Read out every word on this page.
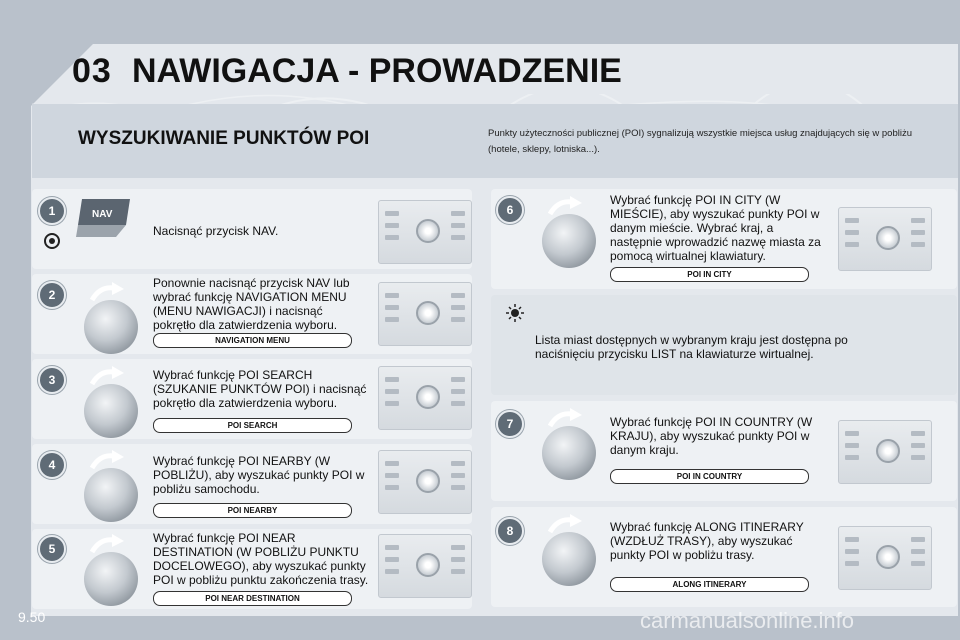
03 NAWIGACJA - PROWADZENIE
WYSZUKIWANIE PUNKTÓW POI	Punkty użyteczności publicznej (POI) sygnalizują wszystkie miejsca usług znajdujących się w pobliżu (hotele, sklepy, lotniska...).
1	NAV
Nacisnąć przycisk NAV.
2
Ponownie nacisnąć przycisk NAV lub wybrać funkcję NAVIGATION MENU (MENU NAWIGACJI) i nacisnąć pokrętło dla zatwierdzenia wyboru.
NAVIGATION MENU
3	Wybrać funkcję POI SEARCH (SZUKANIE PUNKTÓW POI) i nacisnąć pokrętło dla zatwierdzenia wyboru.
POI SEARCH
4	Wybrać funkcję POI NEARBY (W POBLIŻU), aby wyszukać punkty POI w pobliżu samochodu.
POI NEARBY
5
Wybrać funkcję POI NEAR DESTINATION (W POBLIŻU PUNKTU DOCELOWEGO), aby wyszukać punkty POI w pobliżu punktu zakończenia trasy.
POI NEAR DESTINATION
6
Wybrać funkcję POI IN CITY (W MIEŚCIE), aby wyszukać punkty POI w danym mieście. Wybrać kraj, a następnie wprowadzić nazwę miasta za pomocą wirtualnej klawiatury.
POI IN CITY
Lista miast dostępnych w wybranym kraju jest dostępna po naciśnięciu przycisku LIST na klawiaturze wirtualnej.
7	Wybrać funkcję POI IN COUNTRY (W KRAJU), aby wyszukać punkty POI w danym kraju.
POI IN COUNTRY
8	Wybrać funkcję ALONG ITINERARY (WZDŁUŻ TRASY), aby wyszukać punkty POI w pobliżu trasy.
ALONG ITINERARY
9.50	carmanualsonline.info
